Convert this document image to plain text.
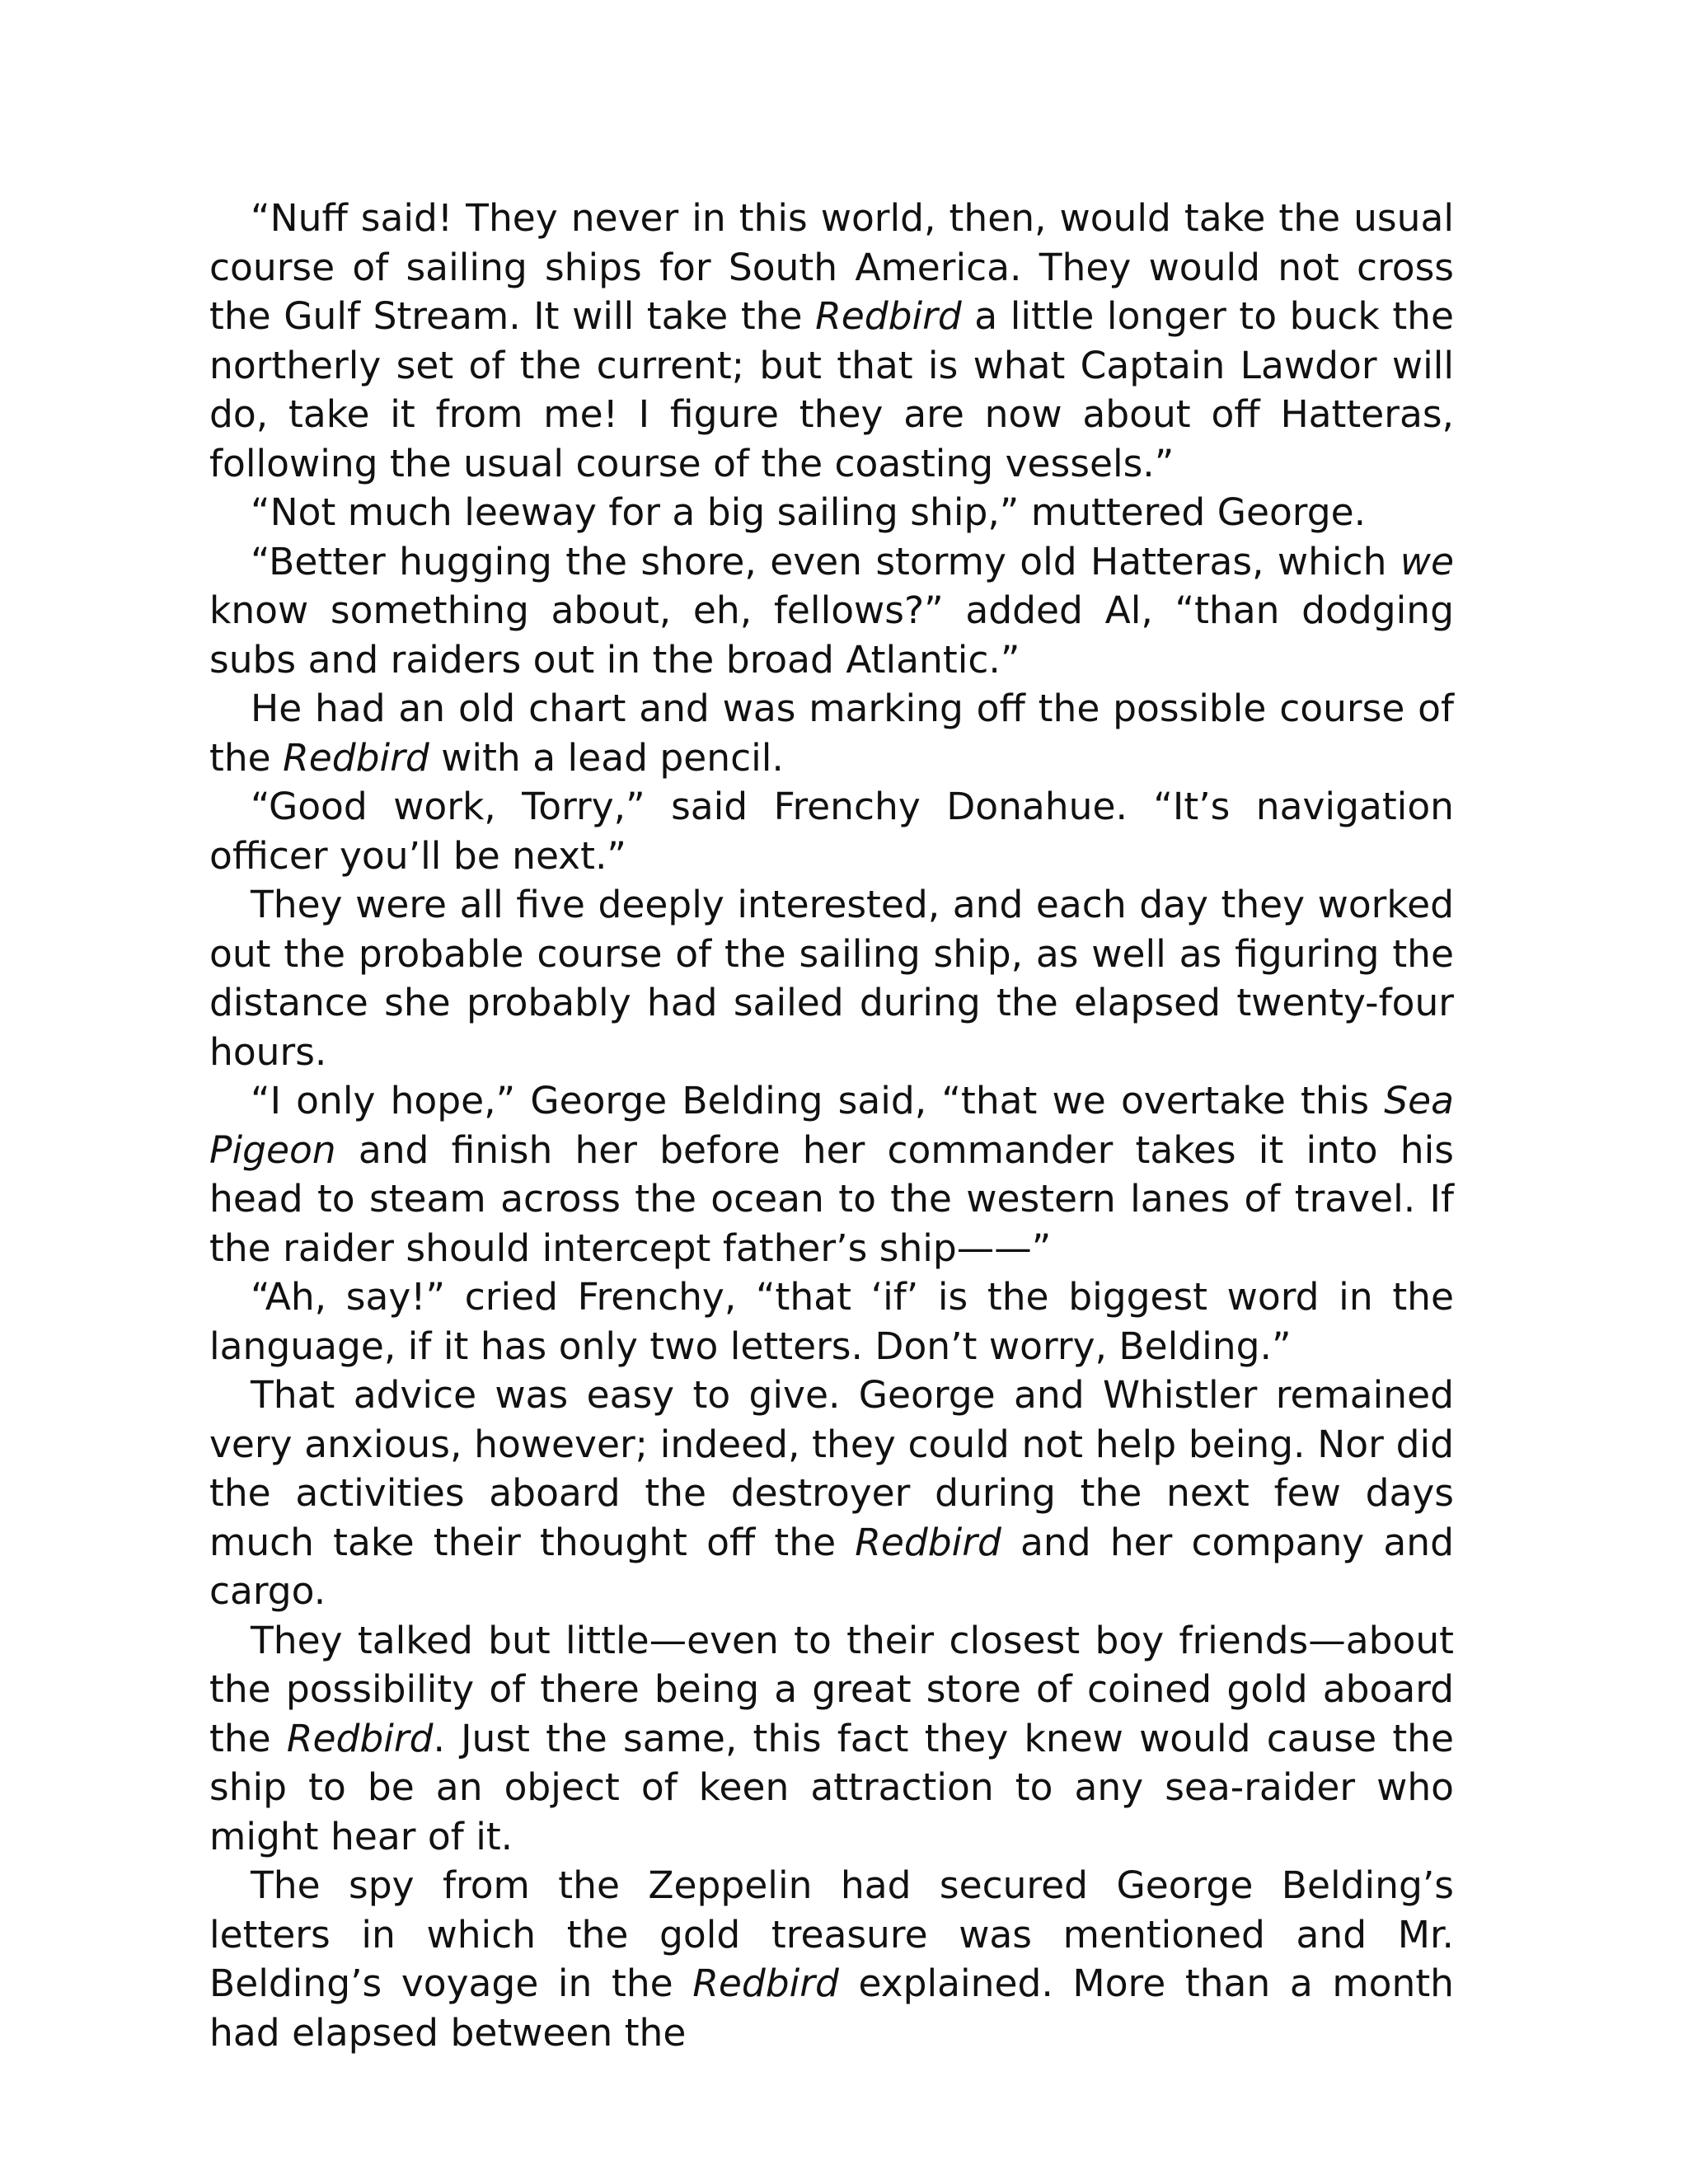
“Nuff said! They never in this world, then, would take the usual course of sailing ships for South America. They would not cross the Gulf Stream. It will take the Redbird a little longer to buck the northerly set of the current; but that is what Captain Lawdor will do, take it from me! I figure they are now about off Hatteras, following the usual course of the coasting vessels.”

“Not much leeway for a big sailing ship,” muttered George.

“Better hugging the shore, even stormy old Hatteras, which we know something about, eh, fellows?” added Al, “than dodging subs and raiders out in the broad Atlantic.”

He had an old chart and was marking off the possible course of the Redbird with a lead pencil.

“Good work, Torry,” said Frenchy Donahue. “It’s navigation officer you’ll be next.”

They were all five deeply interested, and each day they worked out the probable course of the sailing ship, as well as figuring the distance she probably had sailed during the elapsed twenty-four hours.

“I only hope,” George Belding said, “that we overtake this Sea Pigeon and finish her before her commander takes it into his head to steam across the ocean to the western lanes of travel. If the raider should intercept father’s ship——”

“Ah, say!” cried Frenchy, “that ‘if’ is the biggest word in the language, if it has only two letters. Don’t worry, Belding.”

That advice was easy to give. George and Whistler remained very anxious, however; indeed, they could not help being. Nor did the activities aboard the destroyer during the next few days much take their thought off the Redbird and her company and cargo.

They talked but little—even to their closest boy friends—about the possibility of there being a great store of coined gold aboard the Redbird. Just the same, this fact they knew would cause the ship to be an object of keen attraction to any sea-raider who might hear of it.

The spy from the Zeppelin had secured George Belding’s letters in which the gold treasure was mentioned and Mr. Belding’s voyage in the Redbird explained. More than a month had elapsed between the
